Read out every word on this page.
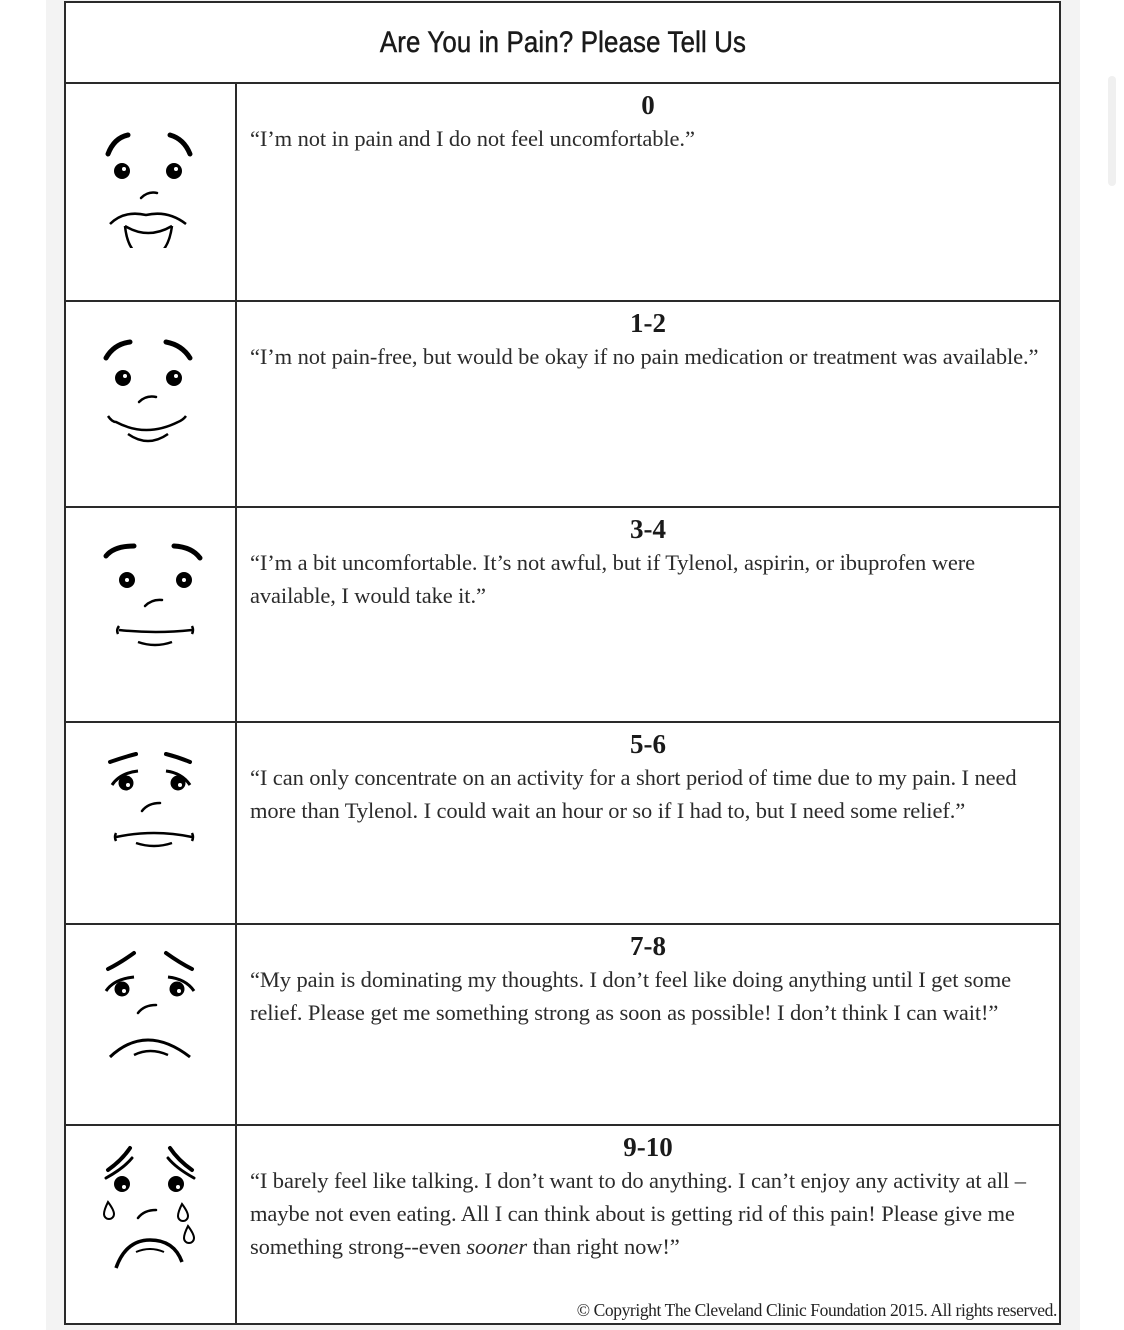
Are You in Pain? Please Tell Us
0
“I’m not in pain and I do not feel uncomfortable.”
1-2
“I’m not pain-free, but would be okay if no pain medication or treatment was available.”
3-4
“I’m a bit uncomfortable. It’s not awful, but if Tylenol, aspirin, or ibuprofen were available, I would take it.”
5-6
“I can only concentrate on an activity for a short period of time due to my pain. I need more than Tylenol. I could wait an hour or so if I had to, but I need some relief.”
7-8
“My pain is dominating my thoughts. I don’t feel like doing anything until I get some relief. Please get me something strong as soon as possible! I don’t think I can wait!”
9-10
“I barely feel like talking. I don’t want to do anything. I can’t enjoy any activity at all – maybe not even eating. All I can think about is getting rid of this pain! Please give me something strong--even sooner than right now!”
© Copyright The Cleveland Clinic Foundation 2015. All rights reserved.
